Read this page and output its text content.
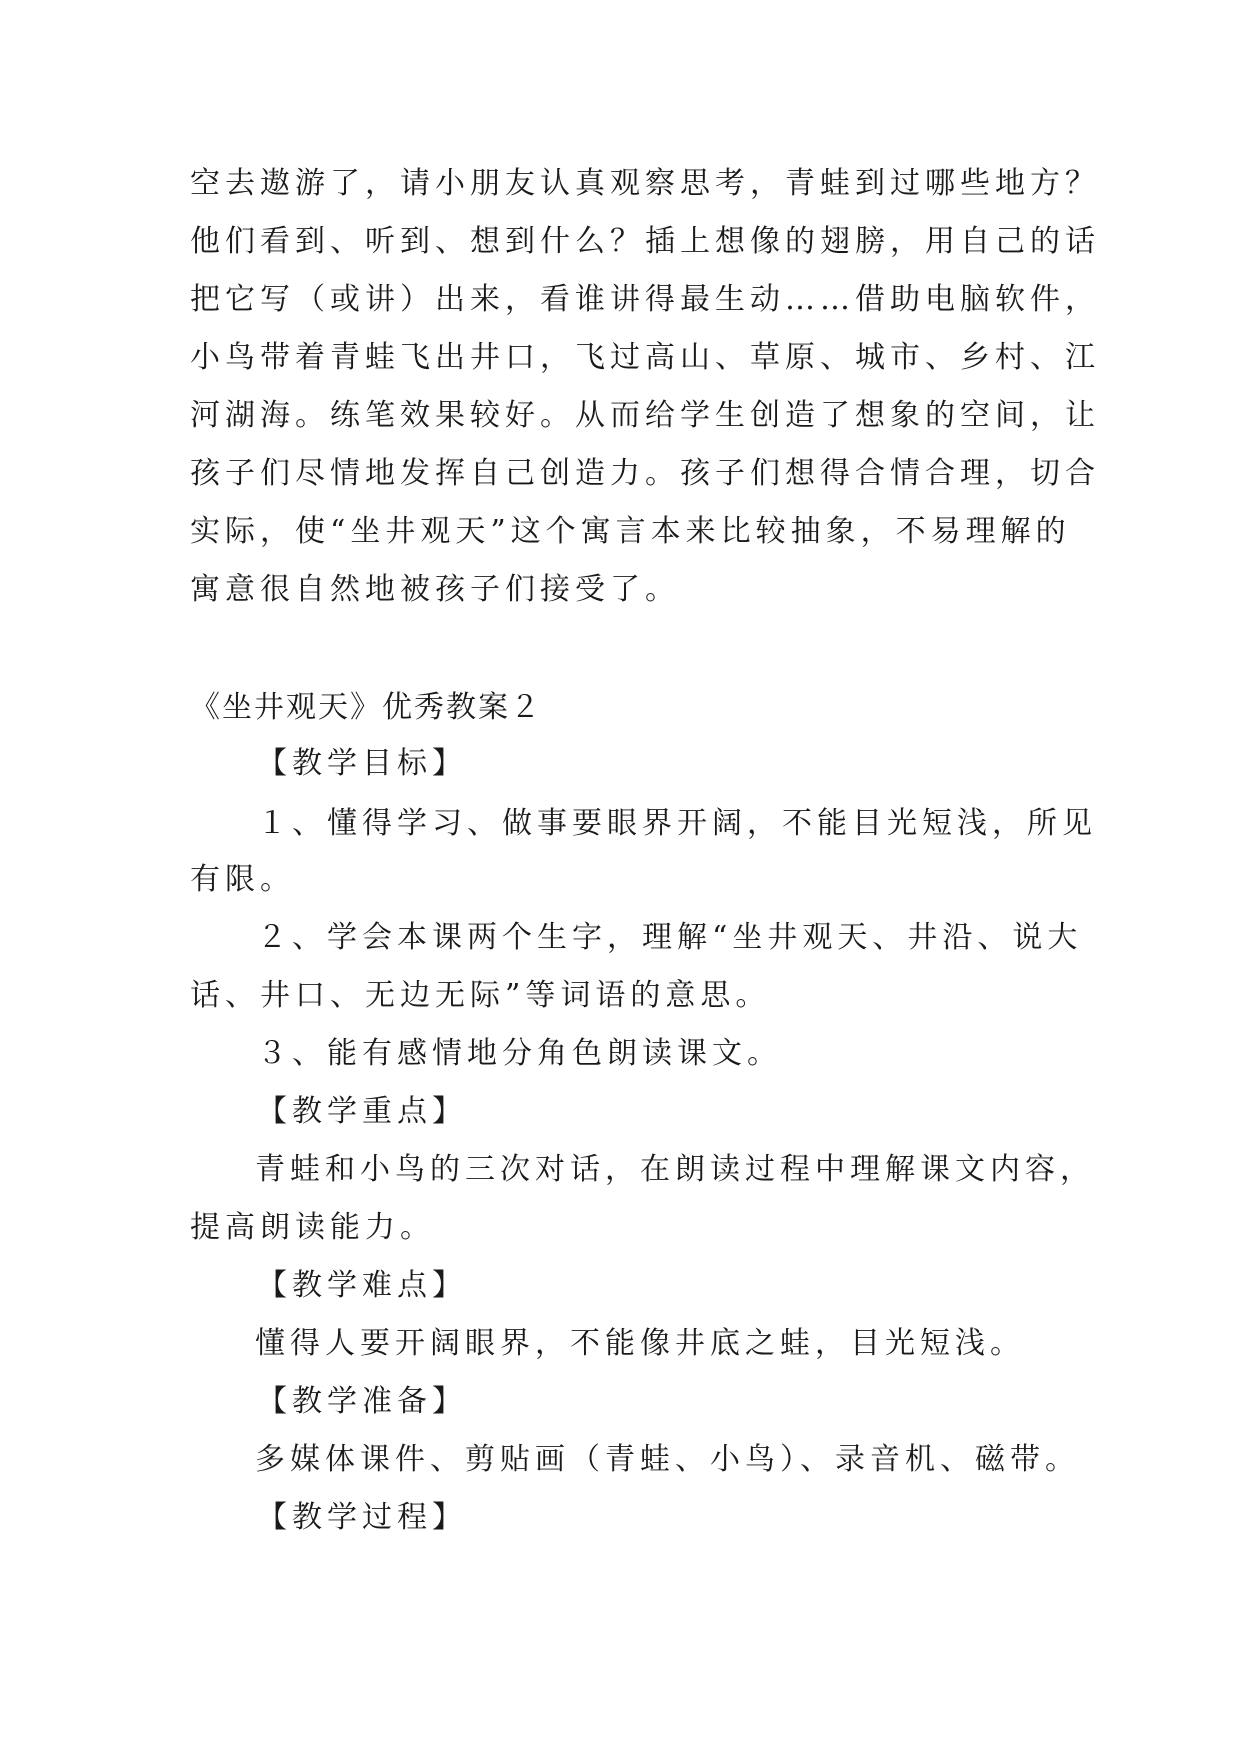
空去遨游了，请小朋友认真观察思考，青蛙到过哪些地方？
他们看到、听到、想到什么？插上想像的翅膀，用自己的话
把它写（或讲）出来，看谁讲得最生动……借助电脑软件，
小鸟带着青蛙飞出井口，飞过高山、草原、城市、乡村、江
河湖海。练笔效果较好。从而给学生创造了想象的空间，让
孩子们尽情地发挥自己创造力。孩子们想得合情合理，切合
实际，使“坐井观天”这个寓言本来比较抽象，不易理解的
寓意很自然地被孩子们接受了。
《坐井观天》优秀教案２
【教学目标】
１、懂得学习、做事要眼界开阔，不能目光短浅，所见
有限。
２、学会本课两个生字，理解“坐井观天、井沿、说大
话、井口、无边无际”等词语的意思。
３、能有感情地分角色朗读课文。
【教学重点】
青蛙和小鸟的三次对话，在朗读过程中理解课文内容，
提高朗读能力。
【教学难点】
懂得人要开阔眼界，不能像井底之蛙，目光短浅。
【教学准备】
多媒体课件、剪贴画（青蛙、小鸟）、录音机、磁带。
【教学过程】
